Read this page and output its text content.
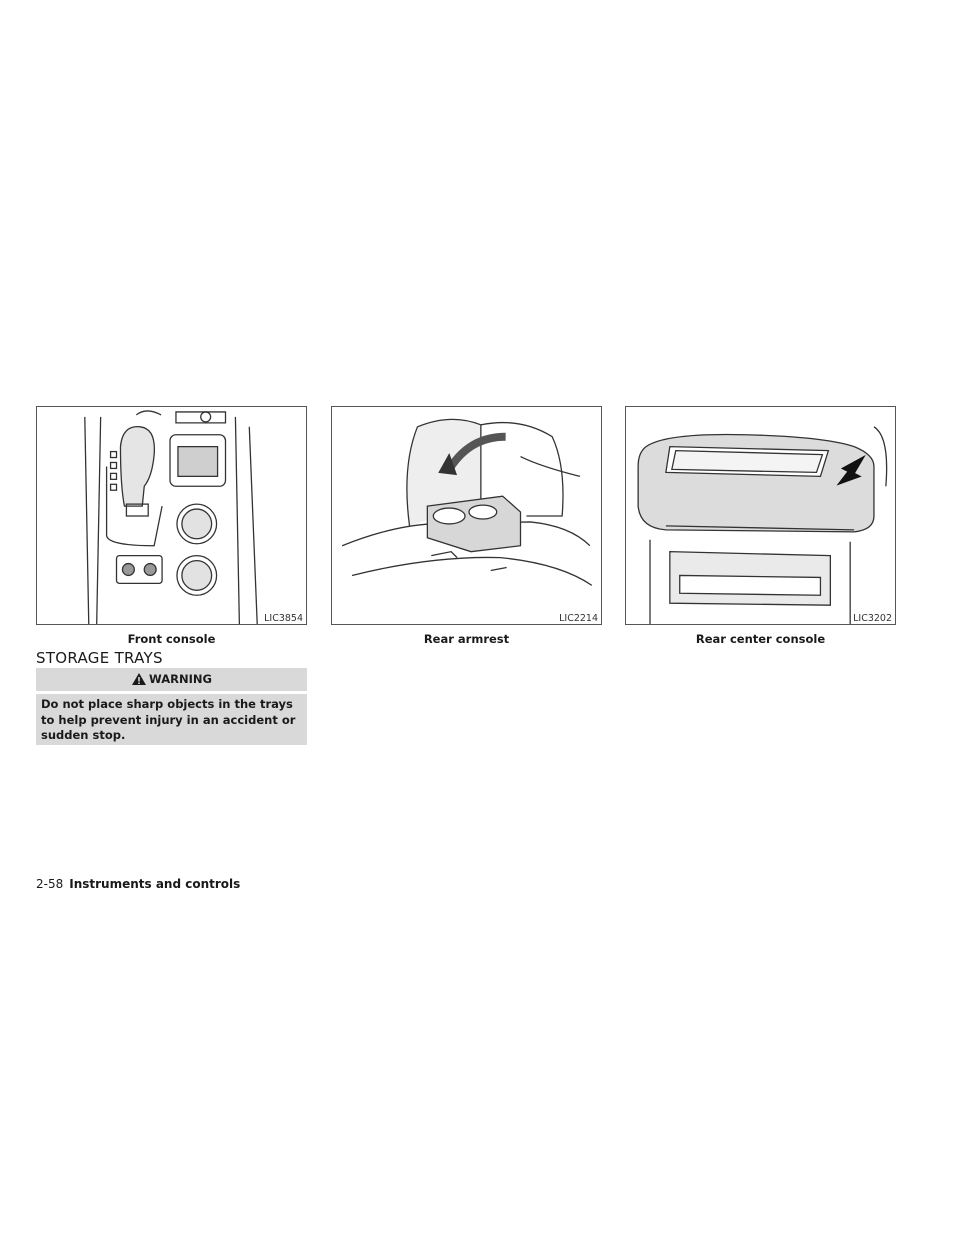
LIC3854
Front console
LIC2214
Rear armrest
LIC3202
Rear center console
STORAGE TRAYS
WARNING
Do not place sharp objects in the trays to help prevent injury in an accident or sudden stop.
2-58 Instruments and controls
